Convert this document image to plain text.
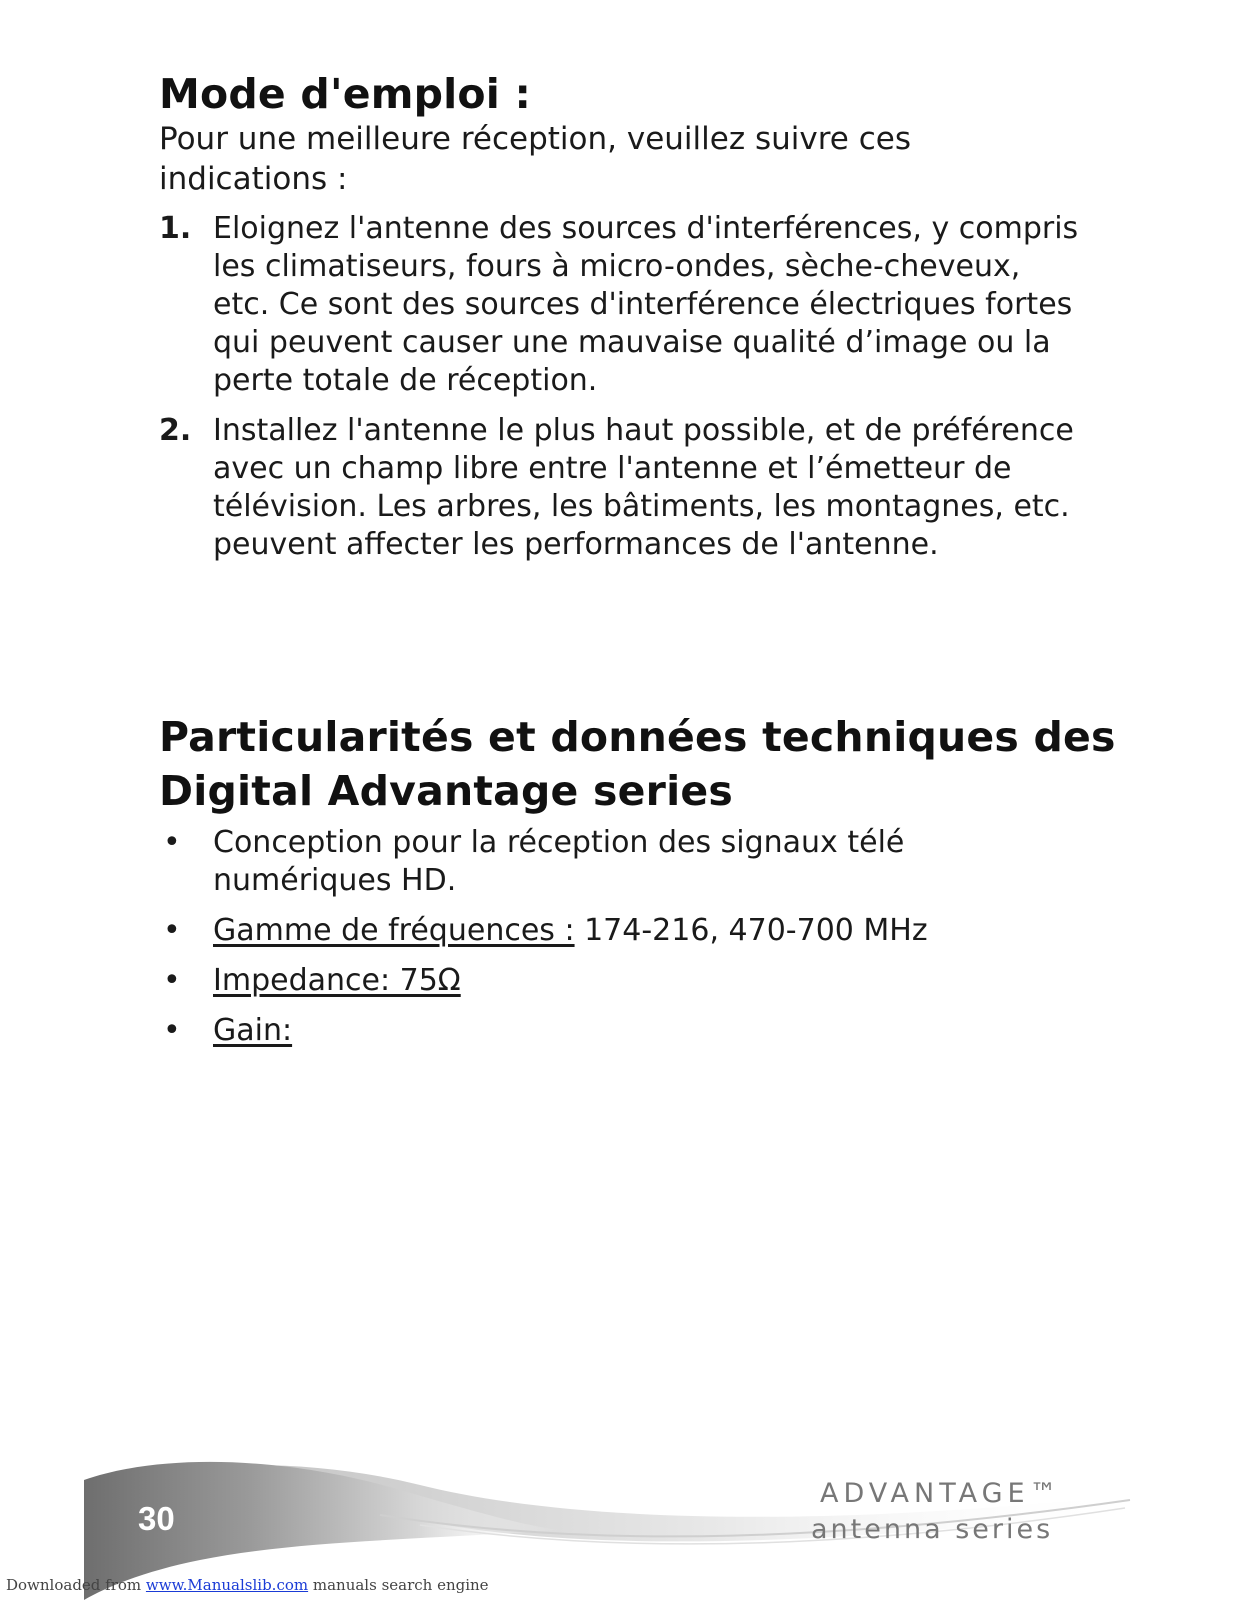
Mode d'emploi :

Pour une meilleure réception, veuillez suivre ces indications :

1. Eloignez l'antenne des sources d'interférences, y compris les climatiseurs, fours à micro-ondes, sèche-cheveux, etc. Ce sont des sources d'interférence électriques fortes qui peuvent causer une mauvaise qualité d’image ou la perte totale de réception.
2. Installez l'antenne le plus haut possible, et de préférence avec un champ libre entre l'antenne et l’émetteur de télévision. Les arbres, les bâtiments, les montagnes, etc. peuvent affecter les performances de l'antenne.
Particularités et données techniques des
Digital Advantage series
• Conception pour la réception des signaux télé numériques HD.
• Gamme de fréquences : 174-216, 470-700 MHz
• Impedance: 75Ω
• Gain:
30
ADVANTAGE™
antenna series
Downloaded from www.Manualslib.com manuals search engine
